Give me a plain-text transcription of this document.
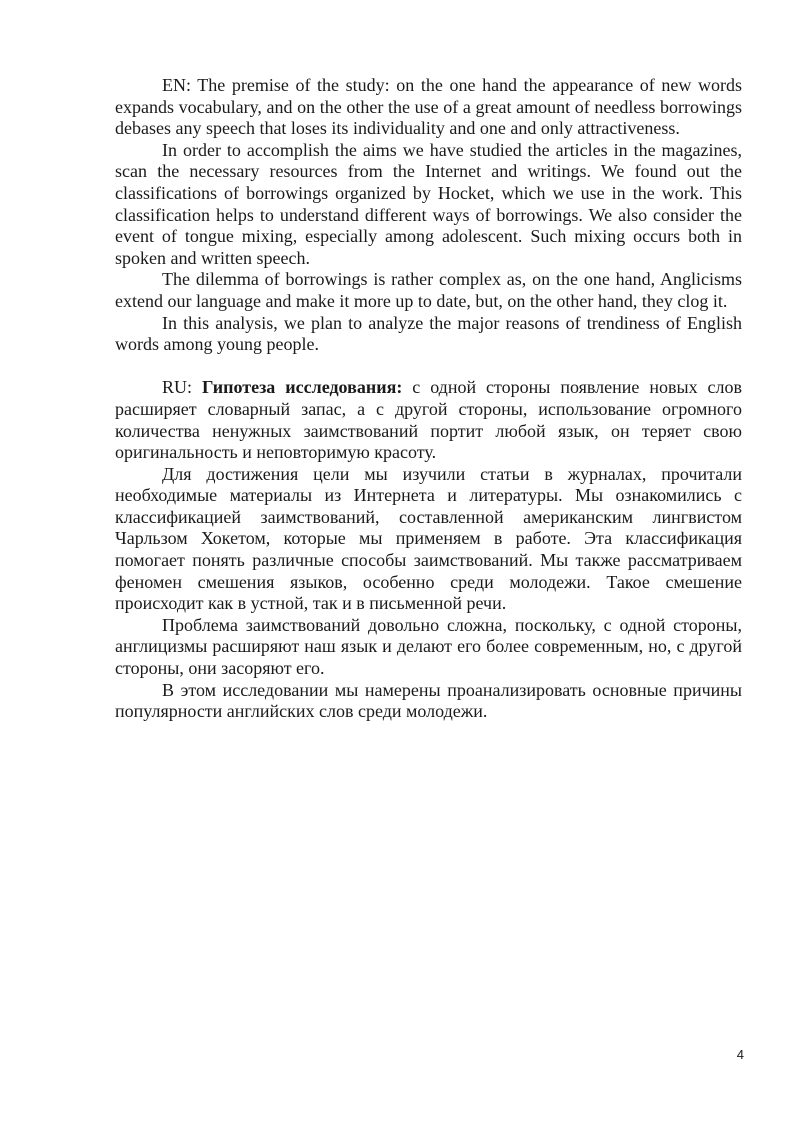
EN: The premise of the study: on the one hand the appearance of new words expands vocabulary, and on the other the use of a great amount of needless borrowings debases any speech that loses its individuality and one and only attractiveness.

In order to accomplish the aims we have studied the articles in the magazines, scan the necessary resources from the Internet and writings. We found out the classifications of borrowings organized by Hocket, which we use in the work. This classification helps to understand different ways of borrowings. We also consider the event of tongue mixing, especially among adolescent. Such mixing occurs both in spoken and written speech.

The dilemma of borrowings is rather complex as, on the one hand, Anglicisms extend our language and make it more up to date, but, on the other hand, they clog it.

In this analysis, we plan to analyze the major reasons of trendiness of English words among young people.

RU: Гипотеза исследования: с одной стороны появление новых слов расширяет словарный запас, а с другой стороны, использование огромного количества ненужных заимствований портит любой язык, он теряет свою оригинальность и неповторимую красоту.

Для достижения цели мы изучили статьи в журналах, прочитали необходимые материалы из Интернета и литературы. Мы ознакомились с классификацией заимствований, составленной американским лингвистом Чарльзом Хокетом, которые мы применяем в работе. Эта классификация помогает понять различные способы заимствований. Мы также рассматриваем феномен смешения языков, особенно среди молодежи. Такое смешение происходит как в устной, так и в письменной речи.

Проблема заимствований довольно сложна, поскольку, с одной стороны, англицизмы расширяют наш язык и делают его более современным, но, с другой стороны, они засоряют его.

В этом исследовании мы намерены проанализировать основные причины популярности английских слов среди молодежи.

4
